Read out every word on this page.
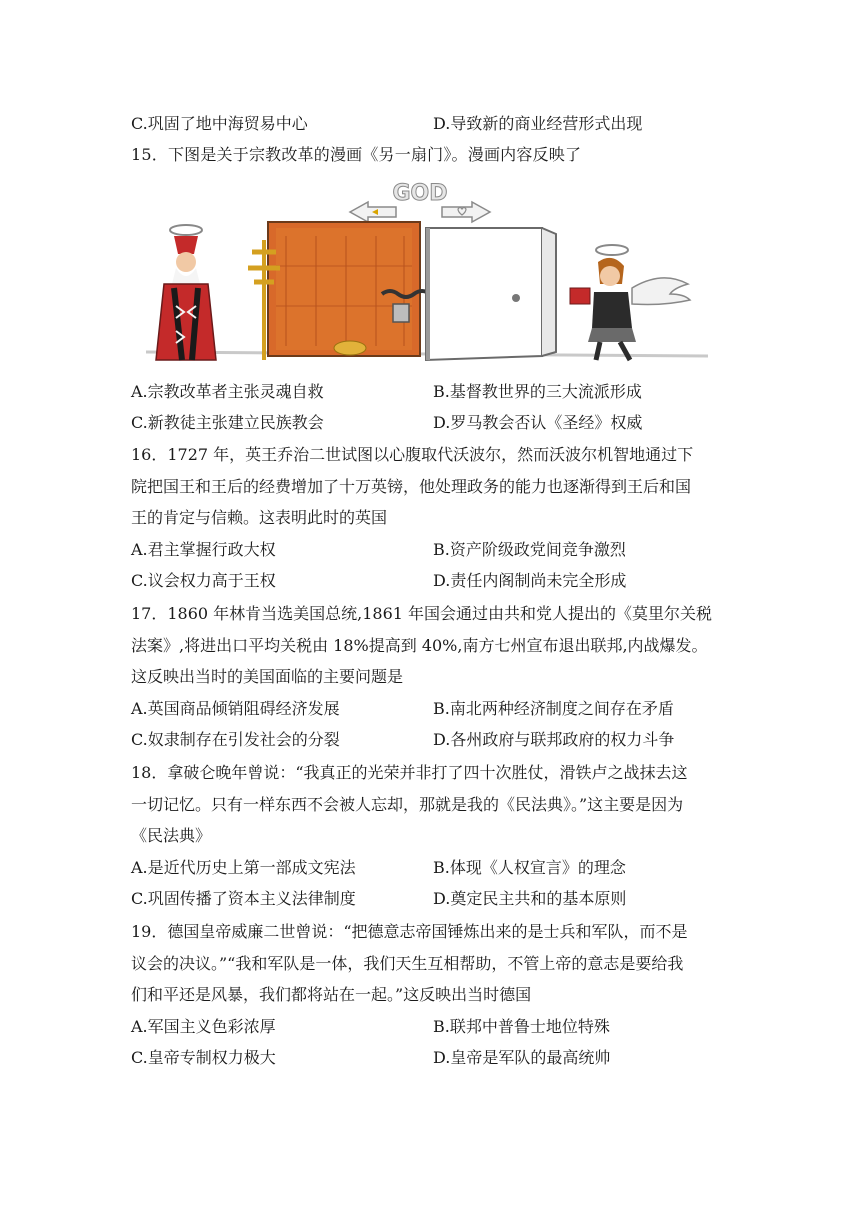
C.巩固了地中海贸易中心	D.导致新的商业经营形式出现
15．下图是关于宗教改革的漫画《另一扇门》。漫画内容反映了
GOD
A.宗教改革者主张灵魂自救	B.基督教世界的三大流派形成
C.新教徒主张建立民族教会	D.罗马教会否认《圣经》权威
16．1727 年，英王乔治二世试图以心腹取代沃波尔，然而沃波尔机智地通过下
院把国王和王后的经费增加了十万英镑，他处理政务的能力也逐渐得到王后和国
王的肯定与信赖。这表明此时的英国
A.君主掌握行政大权	B.资产阶级政党间竞争激烈
C.议会权力高于王权	D.责任内阁制尚未完全形成
17．1860 年林肯当选美国总统,1861 年国会通过由共和党人提出的《莫里尔关税
法案》,将进出口平均关税由 18%提高到 40%,南方七州宣布退出联邦,内战爆发。
这反映出当时的美国面临的主要问题是
A.英国商品倾销阻碍经济发展	B.南北两种经济制度之间存在矛盾
C.奴隶制存在引发社会的分裂	D.各州政府与联邦政府的权力斗争
18．拿破仑晚年曾说：“我真正的光荣并非打了四十次胜仗，滑铁卢之战抹去这
一切记忆。只有一样东西不会被人忘却，那就是我的《民法典》。”这主要是因为
《民法典》
A.是近代历史上第一部成文宪法	B.体现《人权宣言》的理念
C.巩固传播了资本主义法律制度	D.奠定民主共和的基本原则
19．德国皇帝威廉二世曾说：“把德意志帝国锤炼出来的是士兵和军队，而不是
议会的决议。”“我和军队是一体，我们天生互相帮助，不管上帝的意志是要给我
们和平还是风暴，我们都将站在一起。”这反映出当时德国
A.军国主义色彩浓厚	B.联邦中普鲁士地位特殊
C.皇帝专制权力极大	D.皇帝是军队的最高统帅
